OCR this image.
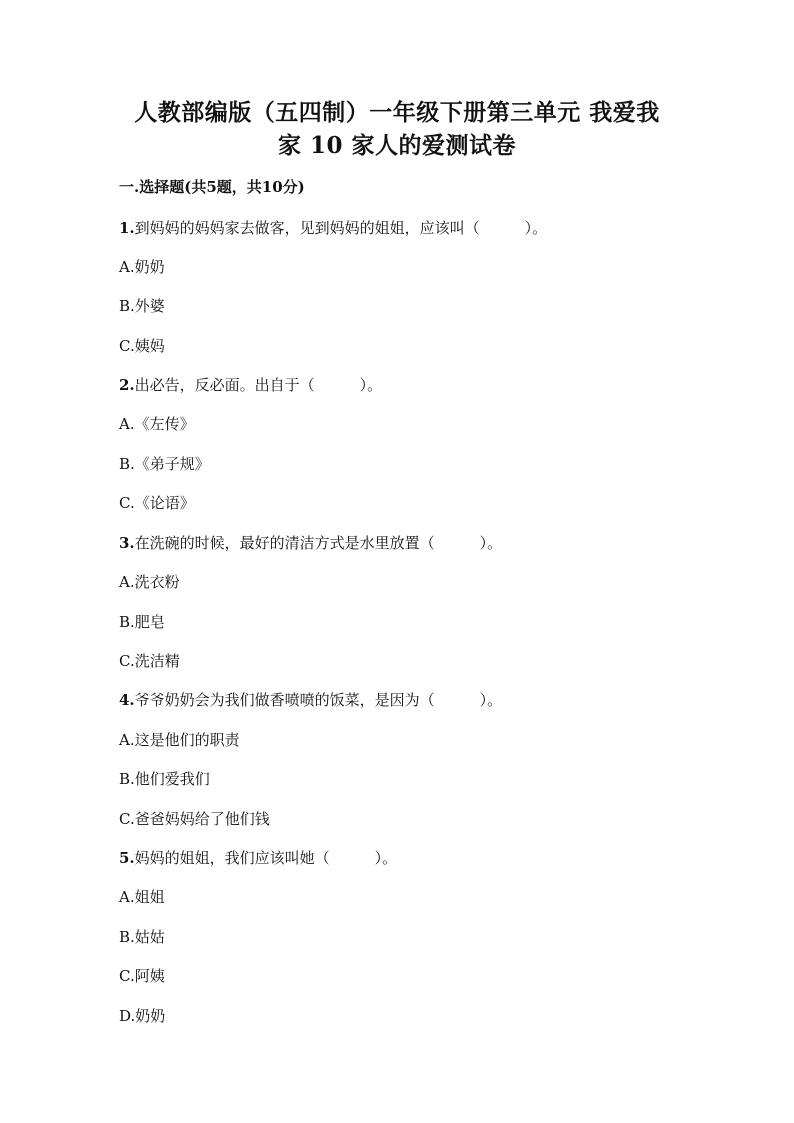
人教部编版（五四制）一年级下册第三单元 我爱我
家 10 家人的爱测试卷
一.选择题(共5题，共10分)
1.到妈妈的妈妈家去做客，见到妈妈的姐姐，应该叫（　　　）。
A.奶奶
B.外婆
C.姨妈
2.出必告，反必面。出自于（　　　）。
A.《左传》
B.《弟子规》
C.《论语》
3.在洗碗的时候，最好的清洁方式是水里放置（　　　）。
A.洗衣粉
B.肥皂
C.洗洁精
4.爷爷奶奶会为我们做香喷喷的饭菜，是因为（　　　）。
A.这是他们的职责
B.他们爱我们
C.爸爸妈妈给了他们钱
5.妈妈的姐姐，我们应该叫她（　　　）。
A.姐姐
B.姑姑
C.阿姨
D.奶奶
